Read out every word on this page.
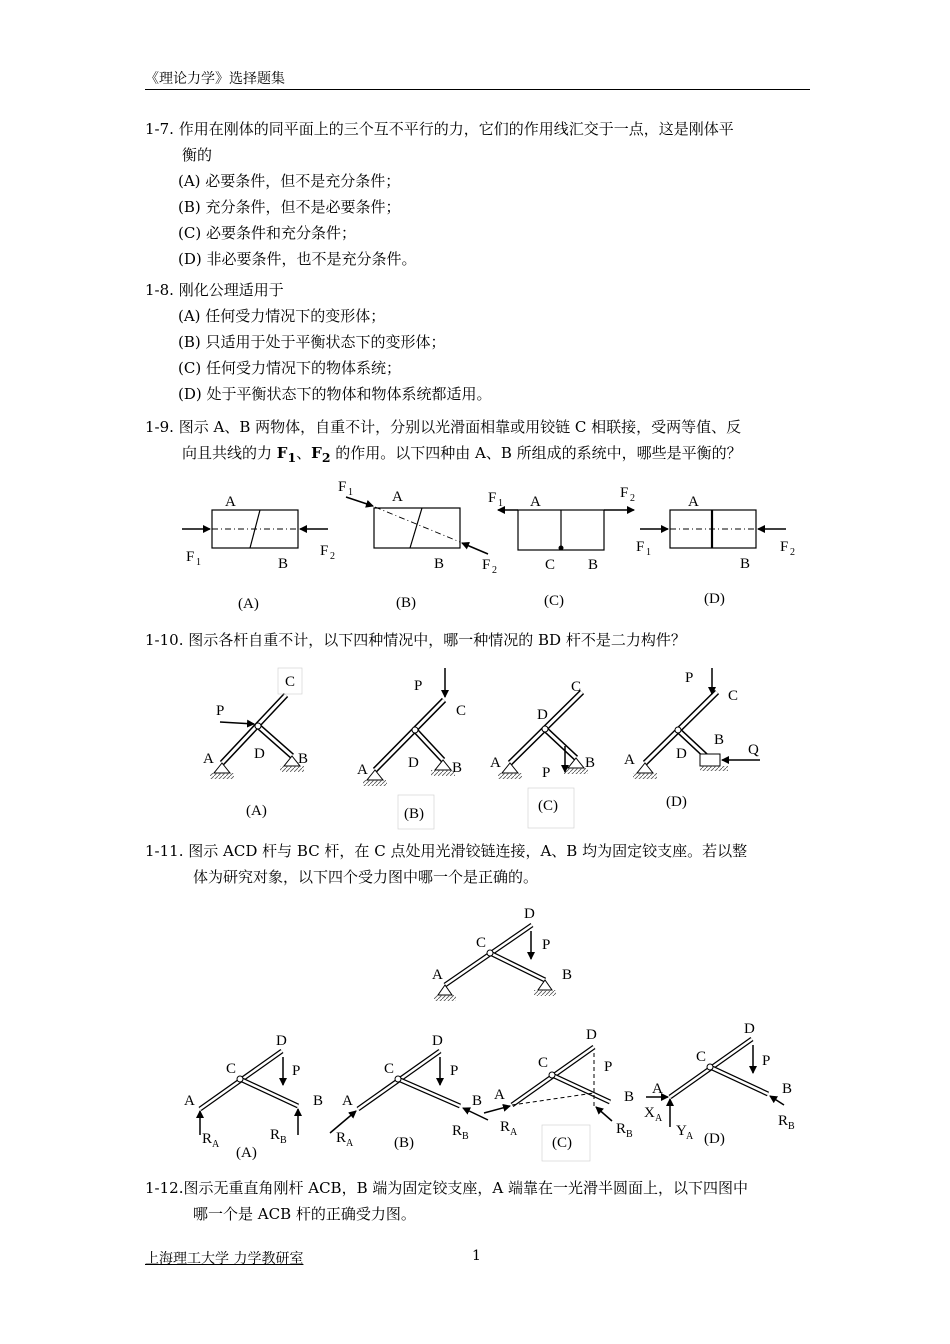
《理论力学》选择题集
1-7. 作用在刚体的同平面上的三个互不平行的力，它们的作用线汇交于一点，这是刚体平
衡的
(A) 必要条件，但不是充分条件；
(B) 充分条件，但不是必要条件；
(C) 必要条件和充分条件；
(D) 非必要条件，也不是充分条件。
1-8. 刚化公理适用于
(A) 任何受力情况下的变形体；
(B) 只适用于处于平衡状态下的变形体；
(C) 任何受力情况下的物体系统；
(D) 处于平衡状态下的物体和物体系统都适用。
1-9. 图示 A、B 两物体，自重不计，分别以光滑面相靠或用铰链 C 相联接，受两等值、反
向且共线的力 $F_1$、$F_2$ 的作用。以下四种由 A、B 所组成的系统中，哪些是平衡的？
A
B
F 1
F 2
(A)
F 1	A
B	F 2
(B)
F 1 A
F 2
C B
(C)
A
F 1	F 2
B
(D)
1-10. 图示各杆自重不计，以下四种情况中，哪一种情况的 BD 杆不是二力构件？
C
P
A	D B
(A)
P
C
A	D B
(B)
C
D
A
P
B
(C)
P
C
B
Q
A	D
(D)
1-11. 图示 ACD 杆与 BC 杆，在 C 点处用光滑铰链连接，A、B 均为固定铰支座。若以整
体为研究对象，以下四个受力图中哪一个是正确的。
D
C	P
A	B
D
C	P
A	B
R A
R B
(A)
D
C	P
A	B
R A
R B
(B)
D
C	P
A	B
R A	R B
(C)
D
C	P
A	B
X A
Y A
R B
(D)
1-12.图示无重直角刚杆 ACB，B 端为固定铰支座，A 端靠在一光滑半圆面上，以下四图中
哪一个是 ACB 杆的正确受力图。
上海理工大学 力学教研室	1
